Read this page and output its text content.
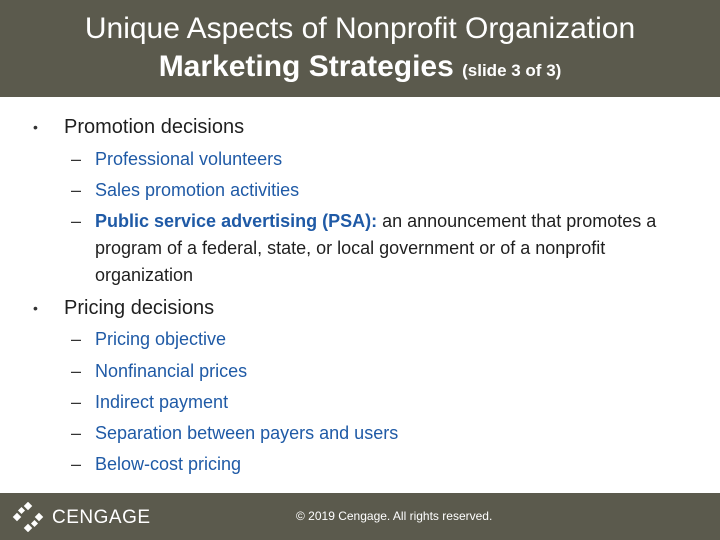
Unique Aspects of Nonprofit Organization
Marketing Strategies (slide 3 of 3)
• Promotion decisions
– Professional volunteers
– Sales promotion activities
– Public service advertising (PSA): an announcement that promotes a program of a federal, state, or local government or of a nonprofit organization
• Pricing decisions
– Pricing objective
– Nonfinancial prices
– Indirect payment
– Separation between payers and users
– Below-cost pricing
CENGAGE	© 2019 Cengage. All rights reserved.
